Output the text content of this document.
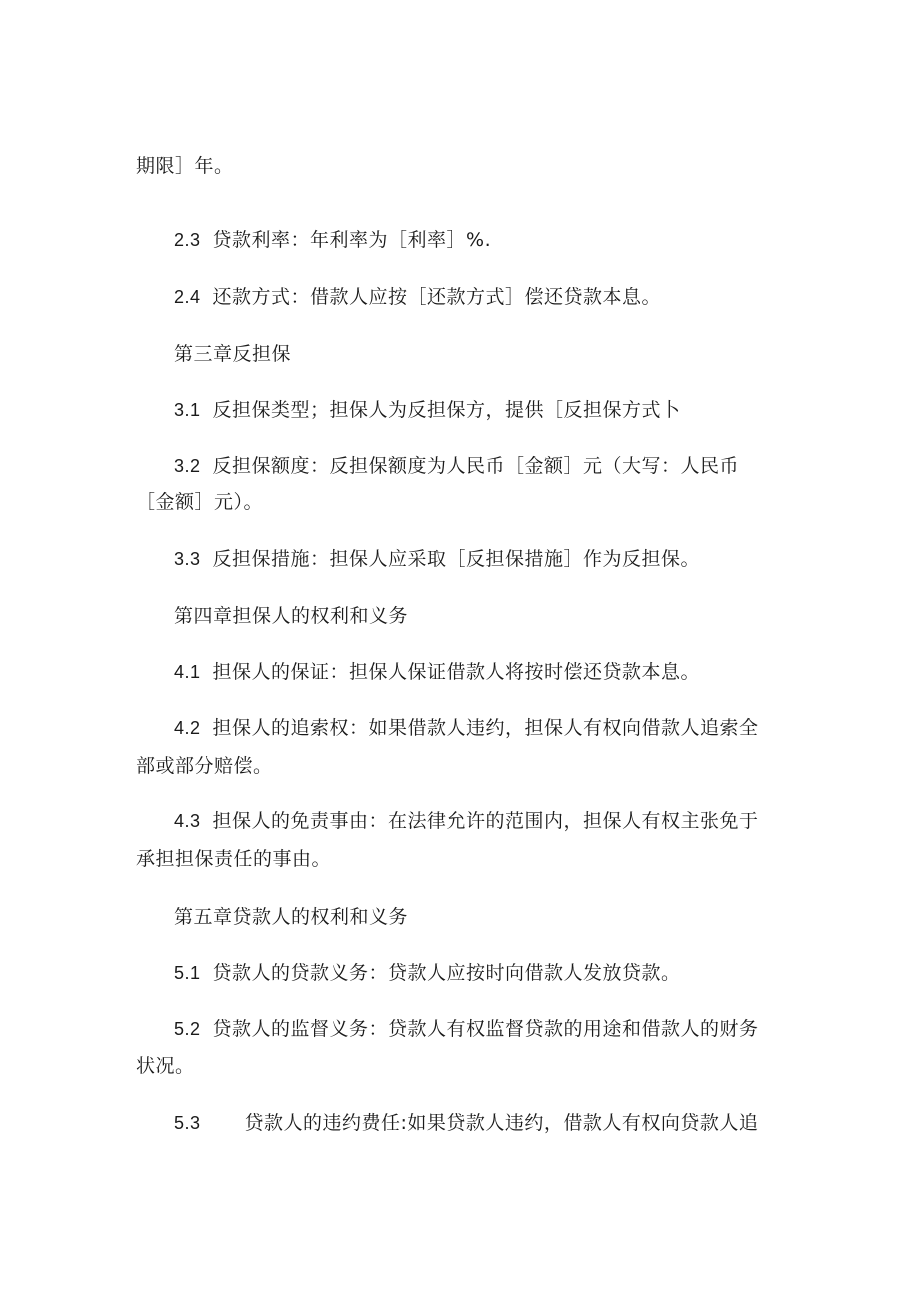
期限］年。
2.3 贷款利率：年利率为［利率］%.
2.4 还款方式：借款人应按［还款方式］偿还贷款本息。
第三章反担保
3.1 反担保类型；担保人为反担保方，提供［反担保方式卜
3.2 反担保额度：反担保额度为人民币［金额］元（大写：人民币
［金额］元）。
3.3 反担保措施：担保人应采取［反担保措施］作为反担保。
第四章担保人的权利和义务
4.1 担保人的保证：担保人保证借款人将按时偿还贷款本息。
4.2 担保人的追索权：如果借款人违约，担保人有权向借款人追索全
部或部分赔偿。
4.3 担保人的免责事由：在法律允许的范围内，担保人有权主张免于
承担担保责任的事由。
第五章贷款人的权利和义务
5.1 贷款人的贷款义务：贷款人应按时向借款人发放贷款。
5.2 贷款人的监督义务：贷款人有权监督贷款的用途和借款人的财务
状况。
5.3 贷款人的违约费任:如果贷款人违约，借款人有权向贷款人追
